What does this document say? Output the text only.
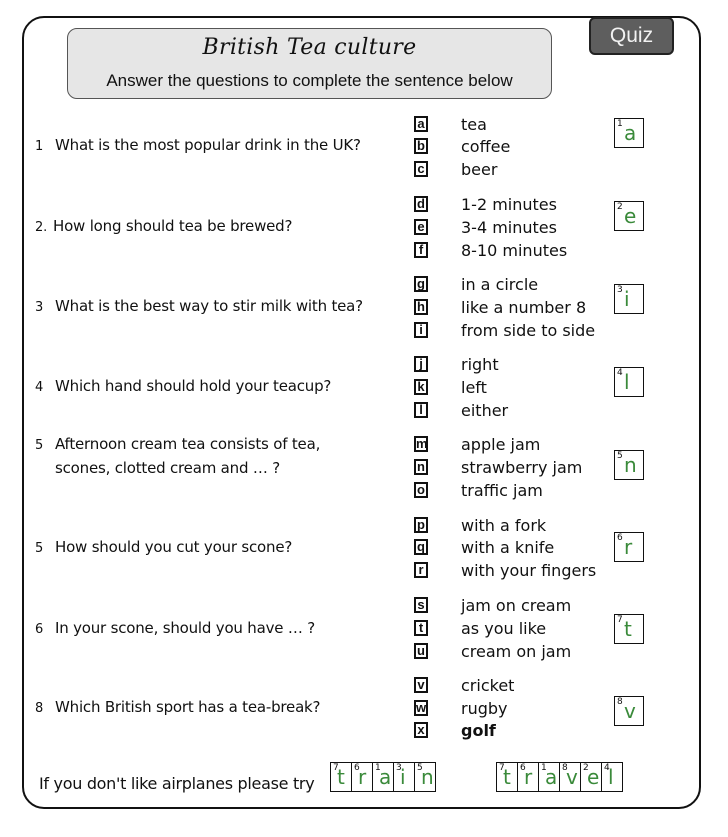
British Tea culture
Answer the questions to complete the sentence below
Quiz
1 What is the most popular drink in the UK?
a tea
b coffee
c beer
1 a
2. How long should tea be brewed?
d 1-2 minutes
e 3-4 minutes
f	8-10 minutes
2 e
3 What is the best way to stir milk with tea?
g in a circle
h like a number 8
i	from side to side
3 i
4 Which hand should hold your teacup?
j	right
k left
l	either
4 l
5 Afternoon cream tea consists of tea,
scones, clotted cream and … ?
m apple jam
n strawberry jam
o traffic jam
5 n
5 How should you cut your scone?
p with a fork
q with a knife
r with your fingers
6 r
6 In your scone, should you have … ?
s jam on cream
t	as you like
u cream on jam
7 t
8 Which British sport has a tea-break?
v cricket
w rugby
x golf
8 v
If you don't like airplanes please try
7
t 6
r 1
a 3
i 5
n	7
t 6
r 1
a 8
v 2
e 4
l
